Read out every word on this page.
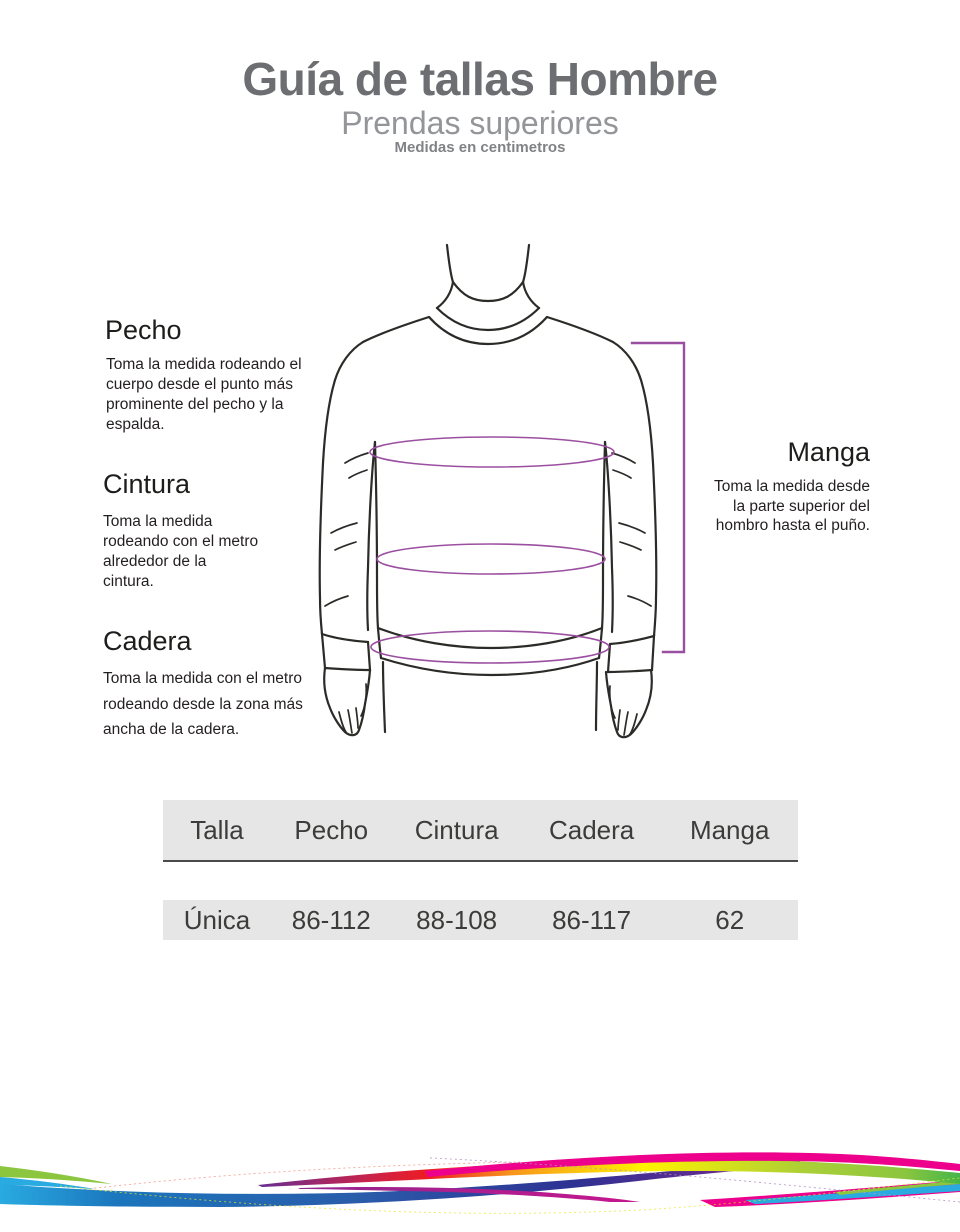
Guía de tallas Hombre
Prendas superiores
Medidas en centimetros
Pecho
Toma la medida rodeando el cuerpo desde el punto más prominente del pecho y la espalda.
Cintura
Toma la medida rodeando con el metro alrededor de la cintura.
Cadera
Toma la medida con el metro rodeando desde la zona más ancha de la cadera.
Manga
Toma la medida desde la parte superior del hombro hasta el puño.
Talla	Pecho	Cintura	Cadera	Manga
Única	86-112	88-108	86-117	62
